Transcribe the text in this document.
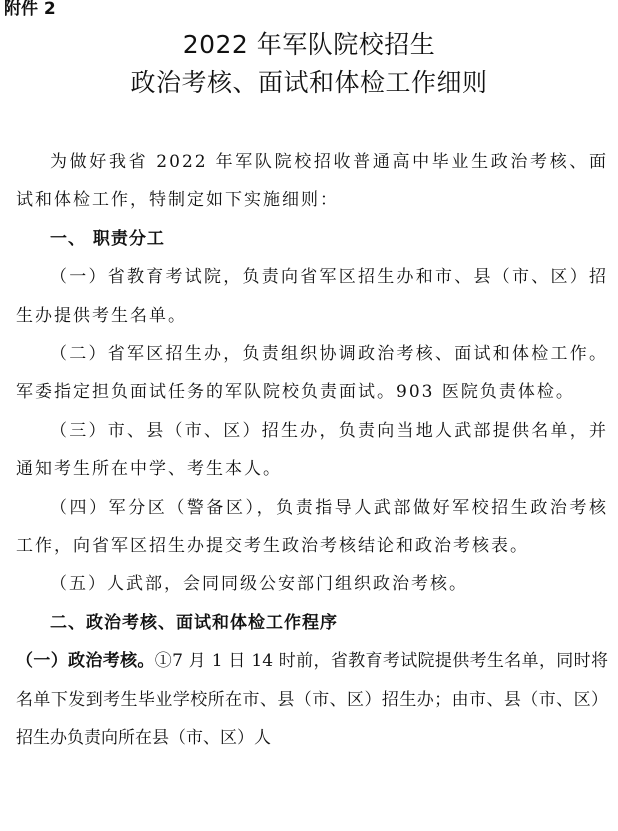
附件 2
2022 年军队院校招生
政治考核、面试和体检工作细则

为做好我省 2022 年军队院校招收普通高中毕业生政治考核、面试和体检工作，特制定如下实施细则：

一、 职责分工

（一）省教育考试院，负责向省军区招生办和市、县（市、区）招生办提供考生名单。

（二）省军区招生办，负责组织协调政治考核、面试和体检工作。军委指定担负面试任务的军队院校负责面试。903 医院负责体检。

（三）市、县（市、区）招生办，负责向当地人武部提供名单，并通知考生所在中学、考生本人。

（四）军分区（警备区），负责指导人武部做好军校招生政治考核工作，向省军区招生办提交考生政治考核结论和政治考核表。

（五）人武部，会同同级公安部门组织政治考核。

二、政治考核、面试和体检工作程序

（一）政治考核。①7 月 1 日 14 时前，省教育考试院提供考生名单，同时将名单下发到考生毕业学校所在市、县（市、区）招生办；由市、县（市、区）招生办负责向所在县（市、区）人
